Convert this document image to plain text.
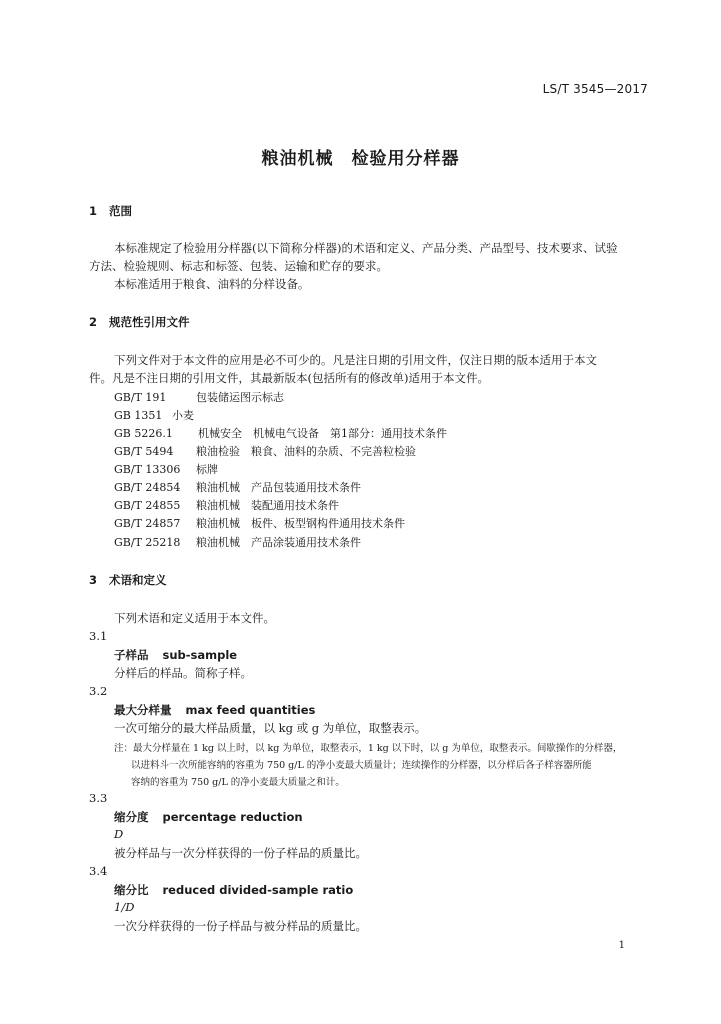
LS/T 3545—2017
粮油机械　检验用分样器
1 范围
本标准规定了检验用分样器(以下简称分样器)的术语和定义、产品分类、产品型号、技术要求、试验
方法、检验规则、标志和标签、包装、运输和贮存的要求。
本标准适用于粮食、油料的分样设备。
2 规范性引用文件
下列文件对于本文件的应用是必不可少的。凡是注日期的引用文件，仅注日期的版本适用于本文
件。凡是不注日期的引用文件，其最新版本(包括所有的修改单)适用于本文件。
GB/T 191	包装储运图示标志
GB 1351 小麦
GB 5226.1 机械安全　机械电气设备　第1部分：通用技术条件
GB/T 5494 粮油检验　粮食、油料的杂质、不完善粒检验
GB/T 13306 标牌
GB/T 24854 粮油机械　产品包装通用技术条件
GB/T 24855 粮油机械　装配通用技术条件
GB/T 24857 粮油机械　板件、板型钢构件通用技术条件
GB/T 25218 粮油机械　产品涂装通用技术条件
3 术语和定义
下列术语和定义适用于本文件。
3.1
子样品 sub-sample
分样后的样品。简称子样。
3.2
最大分样量 max feed quantities
一次可缩分的最大样品质量，以 kg 或 g 为单位，取整表示。
注：最大分样量在 1 kg 以上时，以 kg 为单位，取整表示，1 kg 以下时，以 g 为单位，取整表示。间歇操作的分样器，
以进料斗一次所能容纳的容重为 750 g/L 的净小麦最大质量计；连续操作的分样器，以分样后各子样容器所能
容纳的容重为 750 g/L 的净小麦最大质量之和计。
3.3
缩分度 percentage reduction
D
被分样品与一次分样获得的一份子样品的质量比。
3.4
缩分比 reduced divided-sample ratio
1/D
一次分样获得的一份子样品与被分样品的质量比。
1
